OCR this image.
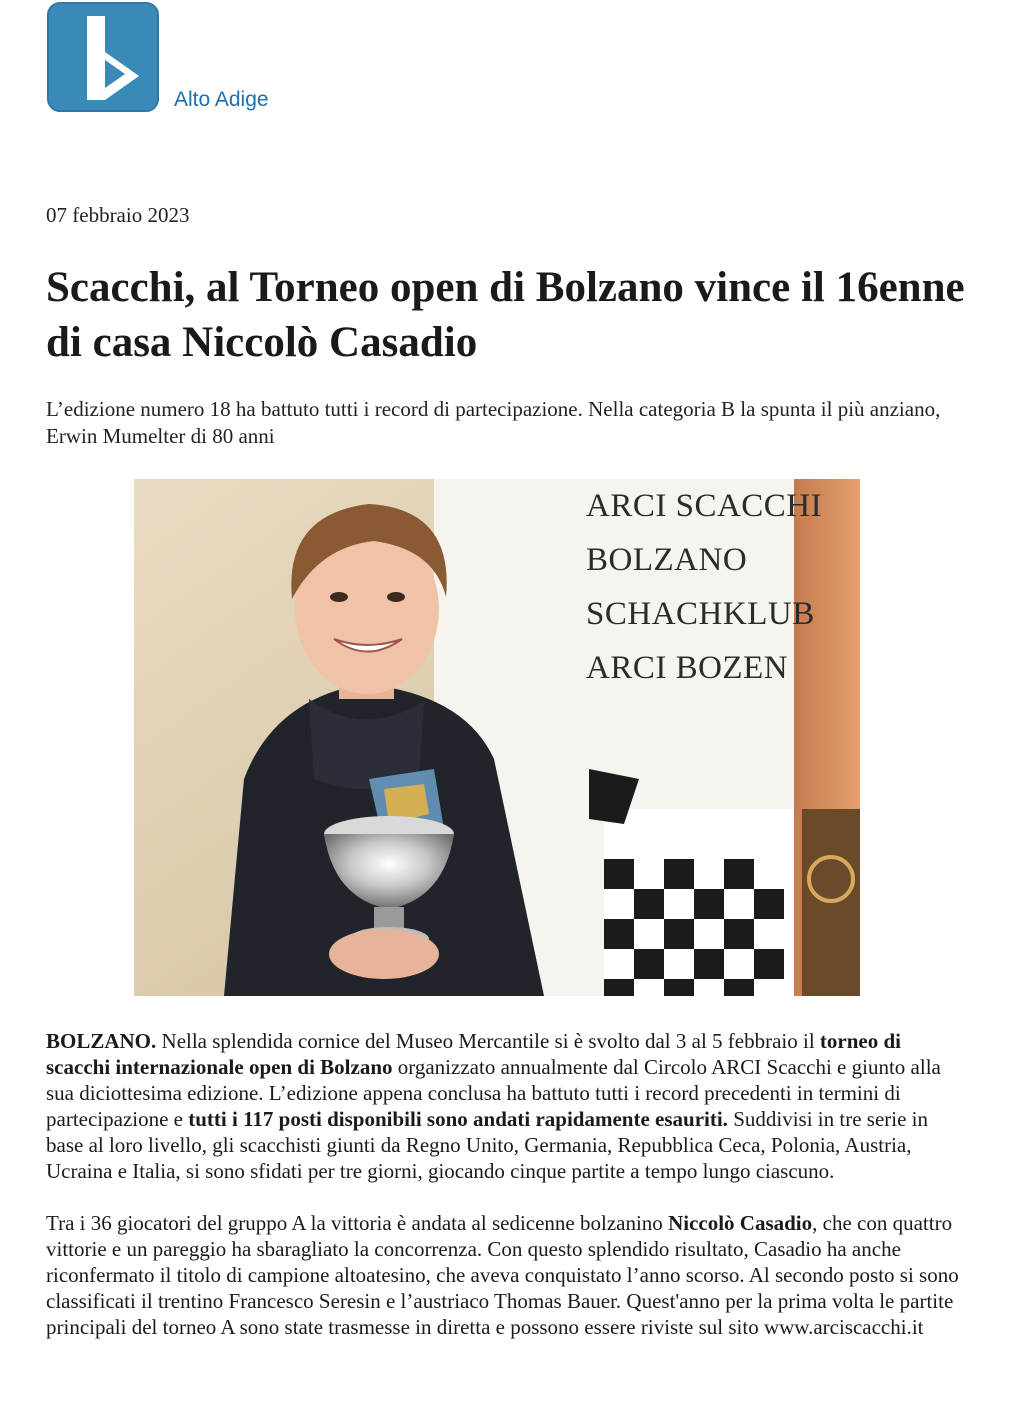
Alto Adige
07 febbraio 2023
Scacchi, al Torneo open di Bolzano vince il 16enne di casa Niccolò Casadio

L’edizione numero 18 ha battuto tutti i record di partecipazione. Nella categoria B la spunta il più anziano, Erwin Mumelter di 80 anni

ARCI SCACCHI
BOLZANO
SCHACHKLUB
ARCI BOZEN

BOLZANO. Nella splendida cornice del Museo Mercantile si è svolto dal 3 al 5 febbraio il torneo di scacchi internazionale open di Bolzano organizzato annualmente dal Circolo ARCI Scacchi e giunto alla sua diciottesima edizione. L’edizione appena conclusa ha battuto tutti i record precedenti in termini di partecipazione e tutti i 117 posti disponibili sono andati rapidamente esauriti. Suddivisi in tre serie in base al loro livello, gli scacchisti giunti da Regno Unito, Germania, Repubblica Ceca, Polonia, Austria, Ucraina e Italia, si sono sfidati per tre giorni, giocando cinque partite a tempo lungo ciascuno.

Tra i 36 giocatori del gruppo A la vittoria è andata al sedicenne bolzanino Niccolò Casadio, che con quattro vittorie e un pareggio ha sbaragliato la concorrenza. Con questo splendido risultato, Casadio ha anche riconfermato il titolo di campione altoatesino, che aveva conquistato l’anno scorso. Al secondo posto si sono classificati il trentino Francesco Seresin e l’austriaco Thomas Bauer. Quest'anno per la prima volta le partite principali del torneo A sono state trasmesse in diretta e possono essere riviste sul sito www.arciscacchi.it
